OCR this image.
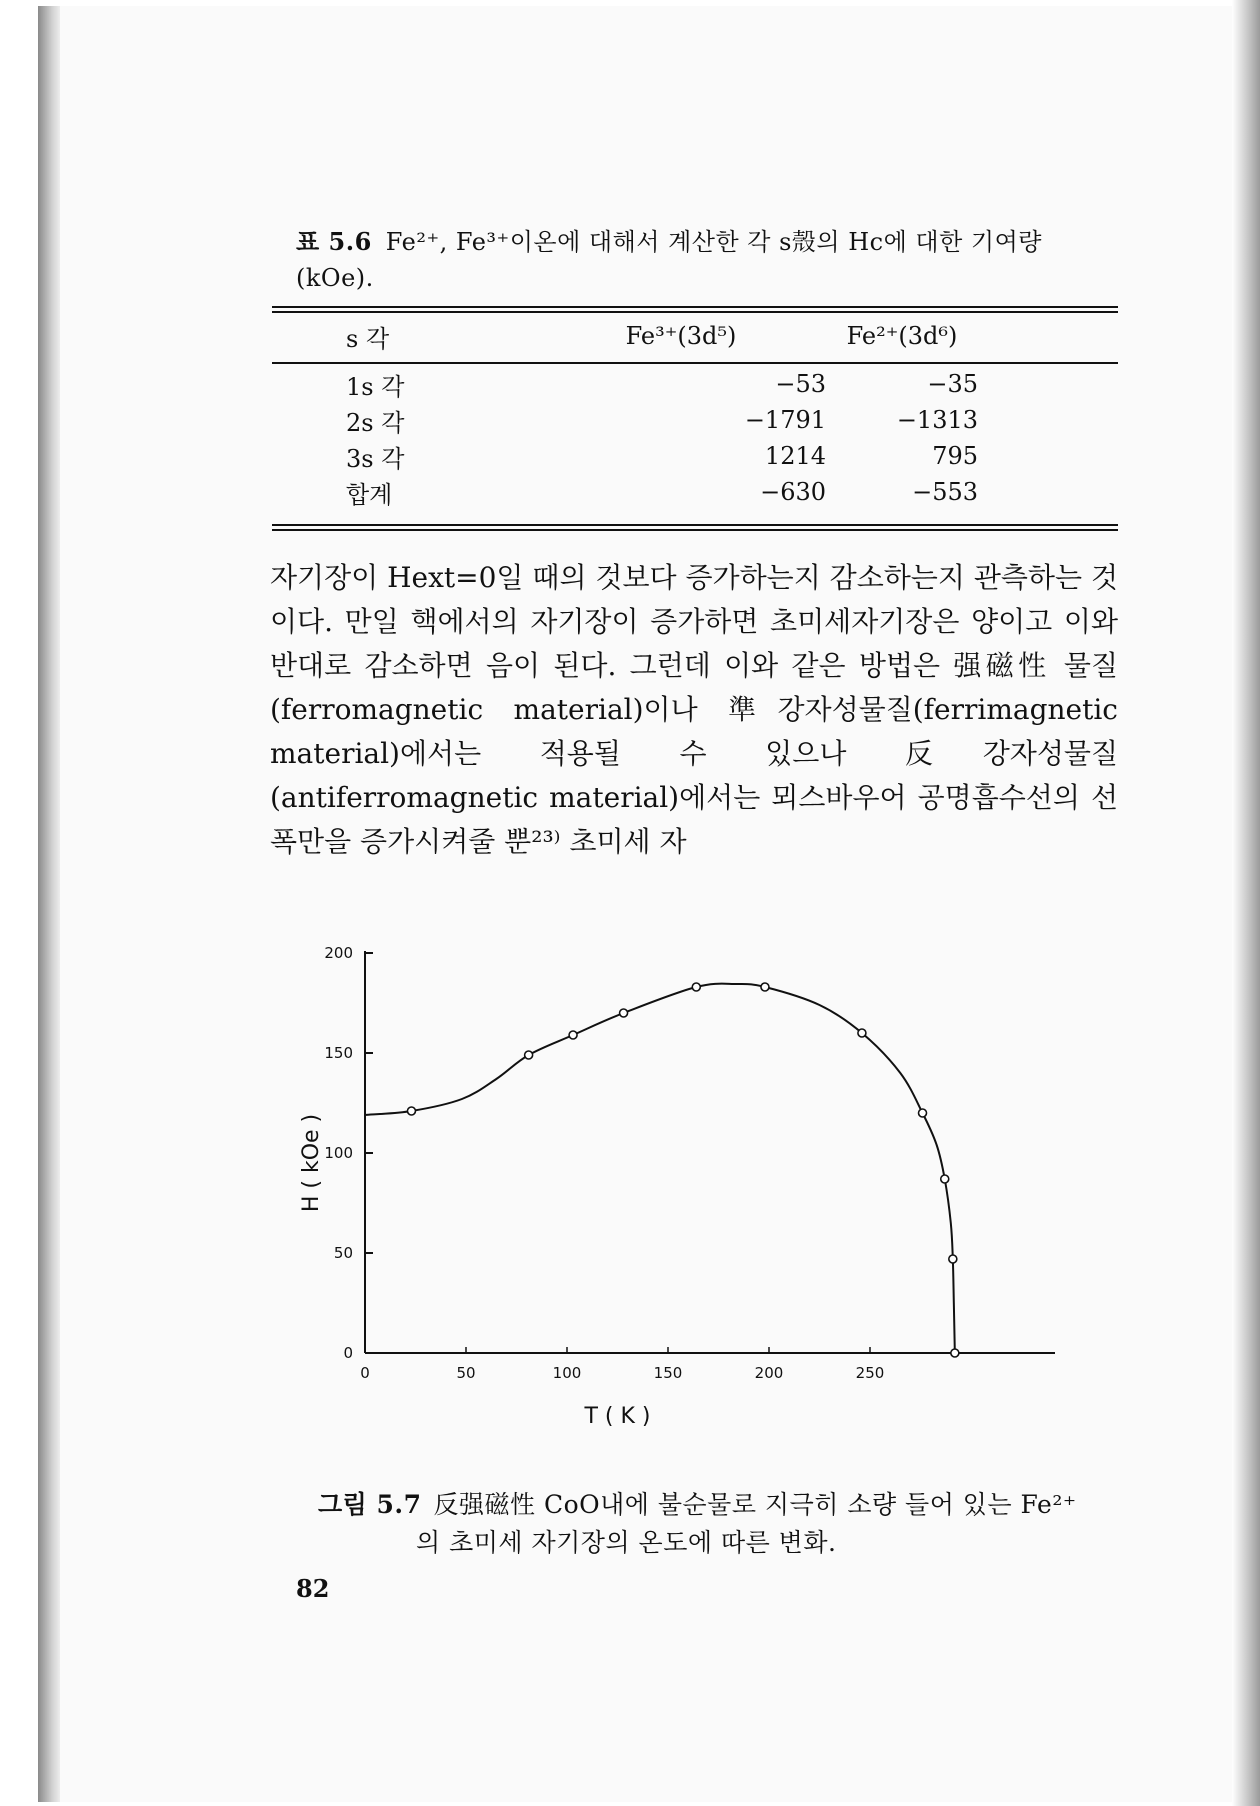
표 5.6 Fe²⁺, Fe³⁺이온에 대해서 계산한 각 s殼의 Hc에 대한 기여량
(kOe).
s 각	Fe³⁺(3d⁵)	Fe²⁺(3d⁶)
1s 각	−53	−35
2s 각	−1791	−1313
3s 각	1214	795
합계	−630	−553
자기장이 Hext=0일 때의 것보다 증가하는지 감소하는지 관측하는 것이다. 만일 핵에서의 자기장이 증가하면 초미세자기장은 양이고 이와 반대로 감소하면 음이 된다. 그런데 이와 같은 방법은 强磁性 물질(ferromagnetic material)이나 準강자성물질(ferrimagnetic material)에서는 적용될 수 있으나 反강자성물질(antiferromagnetic material)에서는 뫼스바우어 공명흡수선의 선폭만을 증가시켜줄 뿐²³⁾ 초미세 자
0
50
100
150
200
0	50	100	150	200	250
T ( K )
H ( kOe )
그림 5.7 反强磁性 CoO내에 불순물로 지극히 소량 들어 있는 Fe²⁺
의 초미세 자기장의 온도에 따른 변화.
82
